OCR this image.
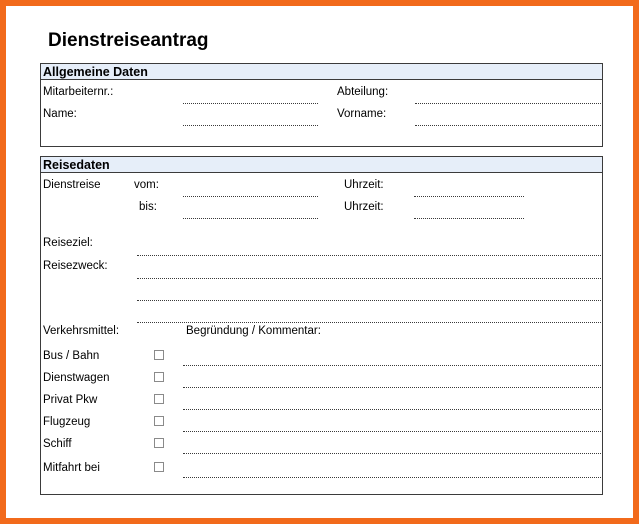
Dienstreiseantrag
Allgemeine Daten
Mitarbeiternr.:	Abteilung:
Name:	Vorname:
Reisedaten
Dienstreise	vom:	Uhrzeit:
bis:	Uhrzeit:
Reiseziel:
Reisezweck:
Verkehrsmittel:	Begründung / Kommentar:
Bus / Bahn
Dienstwagen
Privat Pkw
Flugzeug
Schiff
Mitfahrt bei
